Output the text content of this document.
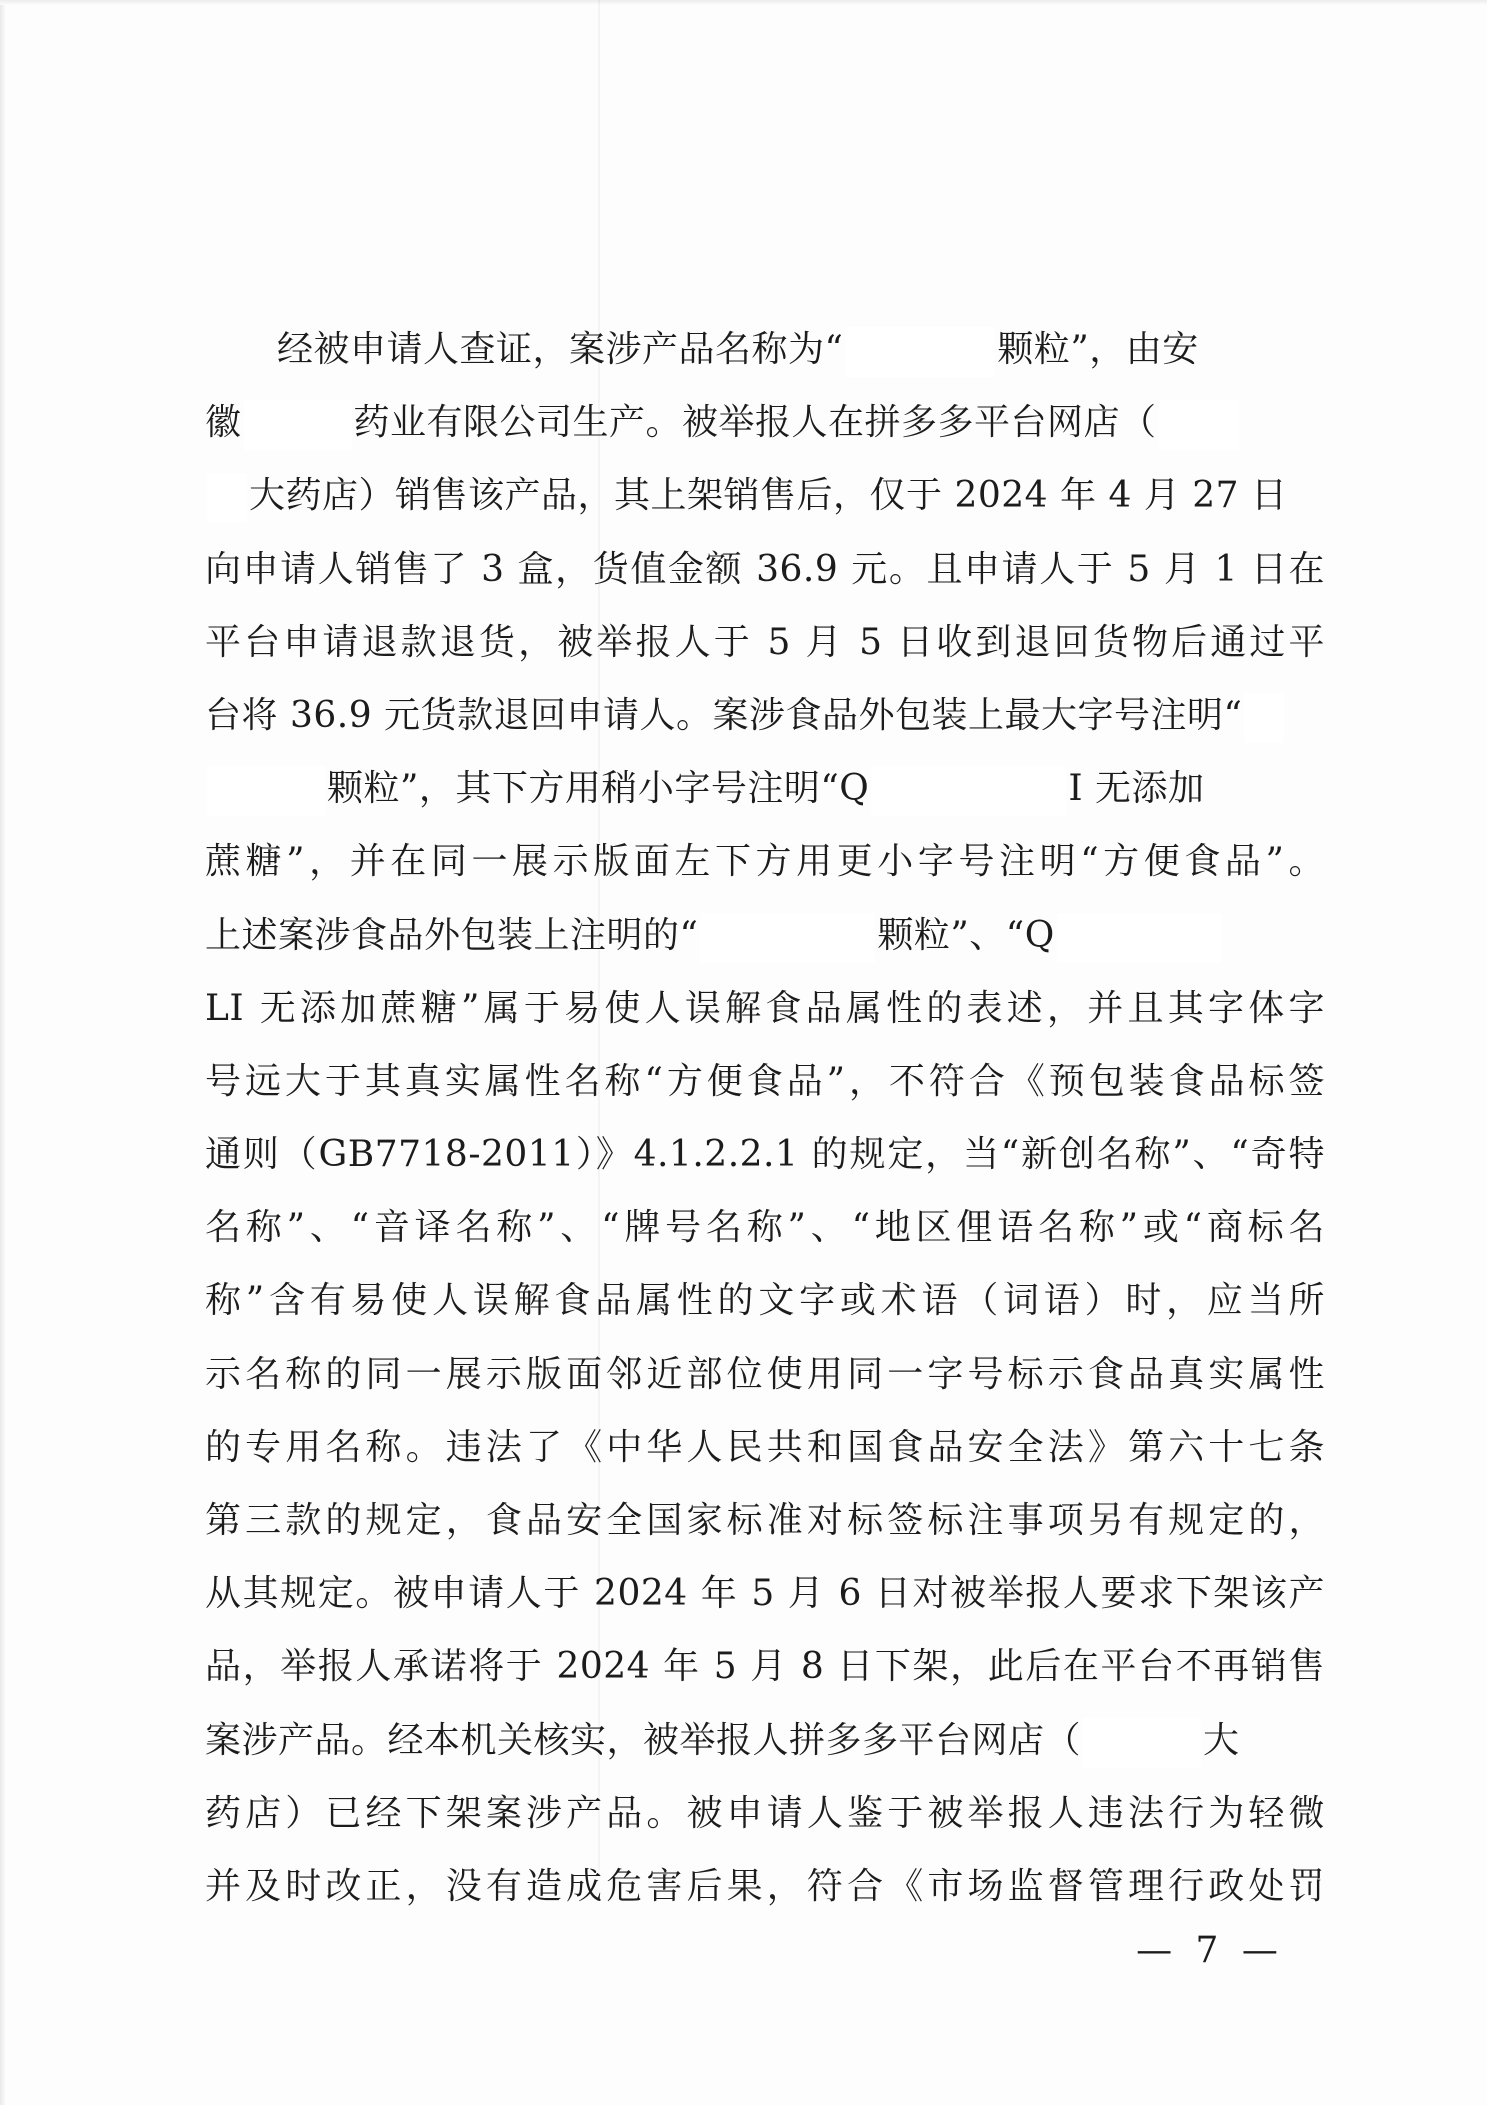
经被申请人查证，案涉产品名称为“	颗粒”，由安
徽	药业有限公司生产。被举报人在拼多多平台网店（
大药店）销售该产品，其上架销售后，仅于 2024 年 4 月 27 日
向申请人销售了 3 盒，货值金额 36.9 元。且申请人于 5 月 1 日在
平台申请退款退货，被举报人于 5 月 5 日收到退回货物后通过平
台将 36.9 元货款退回申请人。案涉食品外包装上最大字号注明“
颗粒”，其下方用稍小字号注明“Q	I 无添加
蔗糖”，并在同一展示版面左下方用更小字号注明“方便食品”。
上述案涉食品外包装上注明的“	颗粒”、“Q
LI 无添加蔗糖”属于易使人误解食品属性的表述，并且其字体字
号远大于其真实属性名称“方便食品”，不符合《预包装食品标签
通则（GB7718-2011）》4.1.2.2.1 的规定，当“新创名称”、“奇特
名称”、“音译名称”、“牌号名称”、“地区俚语名称”或“商标名
称”含有易使人误解食品属性的文字或术语（词语）时，应当所
示名称的同一展示版面邻近部位使用同一字号标示食品真实属性
的专用名称。违法了《中华人民共和国食品安全法》第六十七条
第三款的规定，食品安全国家标准对标签标注事项另有规定的，
从其规定。被申请人于 2024 年 5 月 6 日对被举报人要求下架该产
品，举报人承诺将于 2024 年 5 月 8 日下架，此后在平台不再销售
案涉产品。经本机关核实，被举报人拼多多平台网店（	大
药店）已经下架案涉产品。被申请人鉴于被举报人违法行为轻微
并及时改正，没有造成危害后果，符合《市场监督管理行政处罚
— 7 —
